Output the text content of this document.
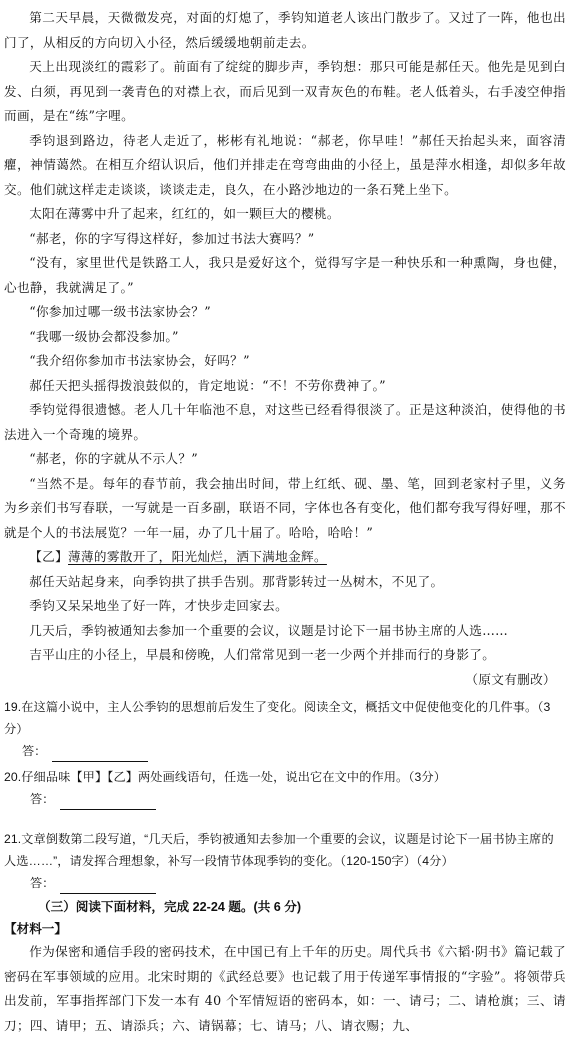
第二天早晨，天微微发亮，对面的灯熄了，季钧知道老人该出门散步了。又过了一阵，他也出门了，从相反的方向切入小径，然后缓缓地朝前走去。

天上出现淡红的霞彩了。前面有了绽绽的脚步声，季钧想：那只可能是郝任天。他先是见到白发、白须，再见到一袭青色的对襟上衣，而后见到一双青灰色的布鞋。老人低着头，右手凌空伸指而画，是在“练”字哩。

季钧退到路边，待老人走近了，彬彬有礼地说：“郝老，你早哇！”郝任天抬起头来，面容清癯，神情蔼然。在相互介绍认识后，他们并排走在弯弯曲曲的小径上，虽是萍水相逢，却似多年故交。他们就这样走走谈谈，谈谈走走，良久，在小路沙地边的一条石凳上坐下。

太阳在薄雾中升了起来，红红的，如一颗巨大的樱桃。

“郝老，你的字写得这样好，参加过书法大赛吗？”

“没有，家里世代是铁路工人，我只是爱好这个，觉得写字是一种快乐和一种熏陶，身也健，心也静，我就满足了。”

“你参加过哪一级书法家协会？”

“我哪一级协会都没参加。”

“我介绍你参加市书法家协会，好吗？”

郝任天把头摇得拨浪鼓似的，肯定地说：“不！不劳你费神了。”

季钧觉得很遗憾。老人几十年临池不息，对这些已经看得很淡了。正是这种淡泊，使得他的书法进入一个奇瑰的境界。

“郝老，你的字就从不示人？”

“当然不是。每年的春节前，我会抽出时间，带上红纸、砚、墨、笔，回到老家村子里，义务为乡亲们书写春联，一写就是一百多副，联语不同，字体也各有变化，他们都夸我写得好哩，那不就是个人的书法展览？一年一届，办了几十届了。哈哈，哈哈！”

【乙】薄薄的雾散开了，阳光灿烂，洒下满地金辉。

郝任天站起身来，向季钧拱了拱手告别。那背影转过一丛树木，不见了。

季钧又呆呆地坐了好一阵，才快步走回家去。

几天后，季钧被通知去参加一个重要的会议，议题是讨论下一届书协主席的人选……

吉平山庄的小径上，早晨和傍晚，人们常常见到一老一少两个并排而行的身影了。

（原文有删改）

19.在这篇小说中，主人公季钧的思想前后发生了变化。阅读全文，概括文中促使他变化的几件事。（3分）

答：

20.仔细品味【甲】【乙】两处画线语句，任选一处，说出它在文中的作用。（3分）

答：

21.文章倒数第二段写道，“几天后，季钧被通知去参加一个重要的会议，议题是讨论下一届书协主席的人选……”，请发挥合理想象，补写一段情节体现季钧的变化。（120-150字）（4分）

答：

（三）阅读下面材料，完成 22-24 题。(共 6 分)

【材料一】

作为保密和通信手段的密码技术，在中国已有上千年的历史。周代兵书《六韬·阴书》篇记载了密码在军事领域的应用。北宋时期的《武经总要》也记载了用于传递军事情报的“字验”。将领带兵出发前，军事指挥部门下发一本有 40 个军情短语的密码本，如：一、请弓；二、请枪旗；三、请刀；四、请甲；五、请添兵；六、请锅幕；七、请马；八、请衣赐；九、
